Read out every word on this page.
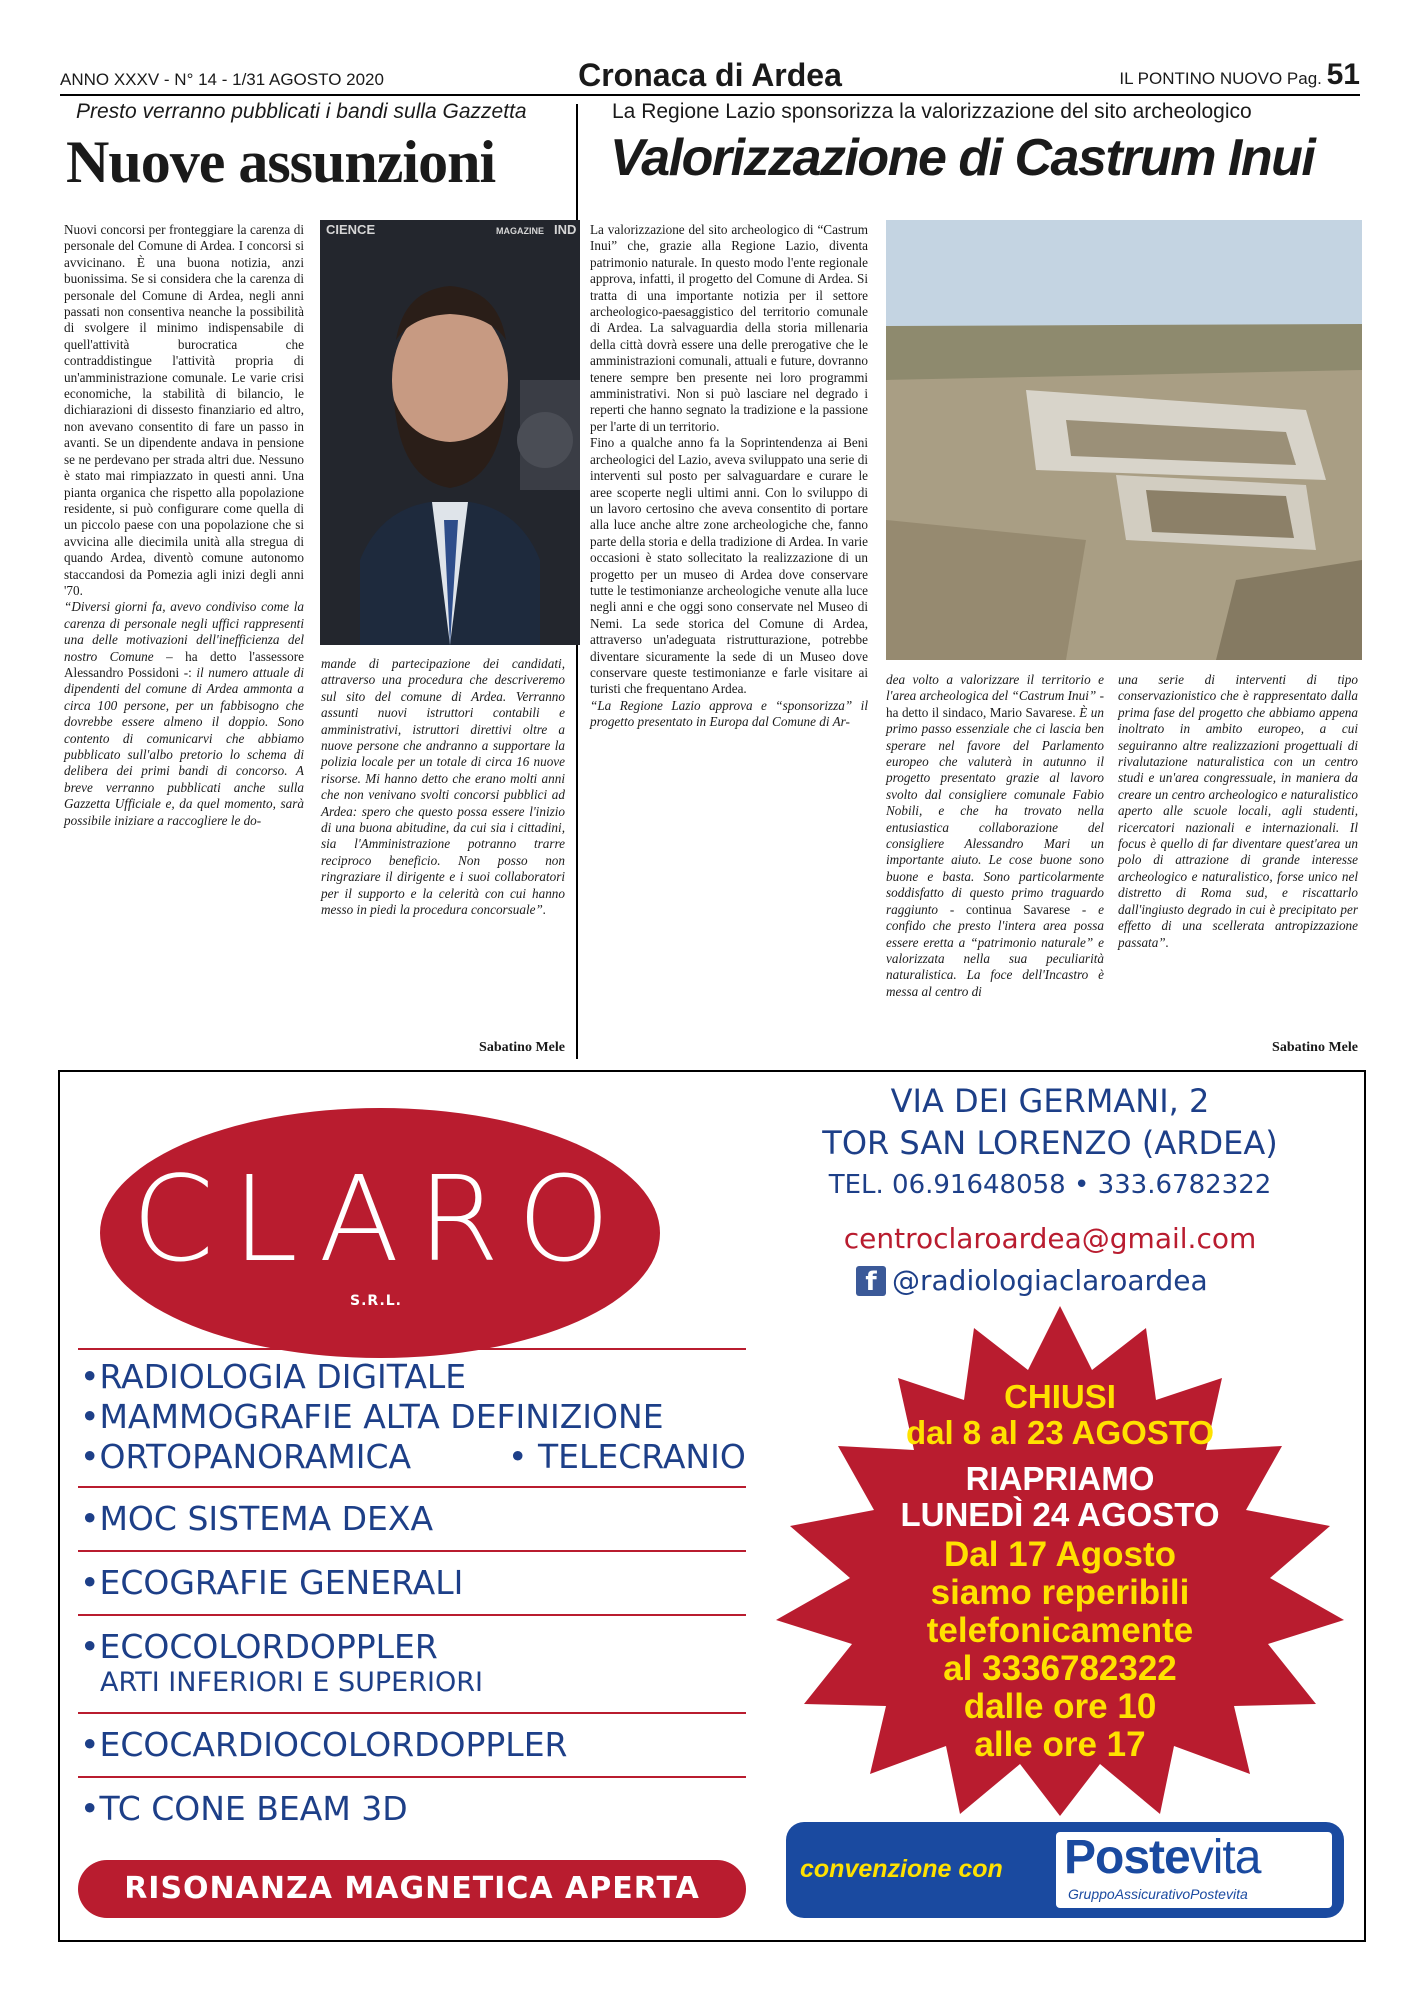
ANNO XXXV - N° 14 - 1/31 AGOSTO 2020	Cronaca di Ardea	IL PONTINO NUOVO Pag. 51
Presto verranno pubblicati i bandi sulla Gazzetta
Nuove assunzioni
La Regione Lazio sponsorizza la valorizzazione del sito archeologico
Valorizzazione di Castrum Inui
CIENCE	MAGAZINE IND

Nuovi concorsi per fronteggiare la carenza di personale del Comune di Ardea. I concorsi si avvicinano. È una buona notizia, anzi buonissima. Se si considera che la carenza di personale del Comune di Ardea, negli anni passati non consentiva neanche la possibilità di svolgere il minimo indispensabile di quell'attività burocratica che contraddistingue l'attività propria di un'amministrazione comunale. Le varie crisi economiche, la stabilità di bilancio, le dichiarazioni di dissesto finanziario ed altro, non avevano consentito di fare un passo in avanti. Se un dipendente andava in pensione se ne perdevano per strada altri due. Nessuno è stato mai rimpiazzato in questi anni. Una pianta organica che rispetto alla popolazione residente, si può configurare come quella di un piccolo paese con una popolazione che si avvicina alle diecimila unità alla stregua di quando Ardea, diventò comune autonomo staccandosi da Pomezia agli inizi degli anni '70.

“Diversi giorni fa, avevo condiviso come la carenza di personale negli uffici rappresenti una delle motivazioni dell'inefficienza del nostro Comune – ha detto l'assessore Alessandro Possidoni -: il numero attuale di dipendenti del comune di Ardea ammonta a circa 100 persone, per un fabbisogno che dovrebbe essere almeno il doppio. Sono contento di comunicarvi che abbiamo pubblicato sull'albo pretorio lo schema di delibera dei primi bandi di concorso. A breve verranno pubblicati anche sulla Gazzetta Ufficiale e, da quel momento, sarà possibile iniziare a raccogliere le do-

mande di partecipazione dei candidati, attraverso una procedura che descriveremo sul sito del comune di Ardea. Verranno assunti nuovi istruttori contabili e amministrativi, istruttori direttivi oltre a nuove persone che andranno a supportare la polizia locale per un totale di circa 16 nuove risorse. Mi hanno detto che erano molti anni che non venivano svolti concorsi pubblici ad Ardea: spero che questo possa essere l'inizio di una buona abitudine, da cui sia i cittadini, sia l'Amministrazione potranno trarre reciproco beneficio. Non posso non ringraziare il dirigente e i suoi collaboratori per il supporto e la celerità con cui hanno messo in piedi la procedura concorsuale”.

Sabatino Mele

La valorizzazione del sito archeologico di “Castrum Inui” che, grazie alla Regione Lazio, diventa patrimonio naturale. In questo modo l'ente regionale approva, infatti, il progetto del Comune di Ardea. Si tratta di una importante notizia per il settore archeologico-paesaggistico del territorio comunale di Ardea. La salvaguardia della storia millenaria della città dovrà essere una delle prerogative che le amministrazioni comunali, attuali e future, dovranno tenere sempre ben presente nei loro programmi amministrativi. Non si può lasciare nel degrado i reperti che hanno segnato la tradizione e la passione per l'arte di un territorio.

Fino a qualche anno fa la Soprintendenza ai Beni archeologici del Lazio, aveva sviluppato una serie di interventi sul posto per salvaguardare e curare le aree scoperte negli ultimi anni. Con lo sviluppo di un lavoro certosino che aveva consentito di portare alla luce anche altre zone archeologiche che, fanno parte della storia e della tradizione di Ardea. In varie occasioni è stato sollecitato la realizzazione di un progetto per un museo di Ardea dove conservare tutte le testimonianze archeologiche venute alla luce negli anni e che oggi sono conservate nel Museo di Nemi. La sede storica del Comune di Ardea, attraverso un'adeguata ristrutturazione, potrebbe diventare sicuramente la sede di un Museo dove conservare queste testimonianze e farle visitare ai turisti che frequentano Ardea.

“La Regione Lazio approva e “sponsorizza” il progetto presentato in Europa dal Comune di Ar-

dea volto a valorizzare il territorio e l'area archeologica del “Castrum Inui” - ha detto il sindaco, Mario Savarese. È un primo passo essenziale che ci lascia ben sperare nel favore del Parlamento europeo che valuterà in autunno il progetto presentato grazie al lavoro svolto dal consigliere comunale Fabio Nobili, e che ha trovato nella entusiastica collaborazione del consigliere Alessandro Mari un importante aiuto. Le cose buone sono buone e basta. Sono particolarmente soddisfatto di questo primo traguardo raggiunto - continua Savarese - e confido che presto l'intera area possa essere eretta a “patrimonio naturale” e valorizzata nella sua peculiarità naturalistica. La foce dell'Incastro è messa al centro di

una serie di interventi di tipo conservazionistico che è rappresentato dalla prima fase del progetto che abbiamo appena inoltrato in ambito europeo, a cui seguiranno altre realizzazioni progettuali di rivalutazione naturalistica con un centro studi e un'area congressuale, in maniera da creare un centro archeologico e naturalistico aperto alle scuole locali, agli studenti, ricercatori nazionali e internazionali. Il focus è quello di far diventare quest'area un polo di attrazione di grande interesse archeologico e naturalistico, forse unico nel distretto di Roma sud, e riscattarlo dall'ingiusto degrado in cui è precipitato per effetto di una scellerata antropizzazione passata”.

Sabatino Mele
CLARO
S.R.L.
VIA DEI GERMANI, 2
TOR SAN LORENZO (ARDEA)
TEL. 06.91648058 • 333.6782322
centroclaroardea@gmail.com
f @radiologiaclaroardea
•RADIOLOGIA DIGITALE
•MAMMOGRAFIE ALTA DEFINIZIONE
•ORTOPANORAMICA	• TELECRANIO
•MOC SISTEMA DEXA
•ECOGRAFIE GENERALI
•ECOCOLORDOPPLER
ARTI INFERIORI E SUPERIORI
•ECOCARDIOCOLORDOPPLER
•TC CONE BEAM 3D
RISONANZA MAGNETICA APERTA
CHIUSI
dal 8 al 23 AGOSTO
RIAPRIAMO
LUNEDÌ 24 AGOSTO
Dal 17 Agosto
siamo reperibili
telefonicamente
al 3336782322
dalle ore 10
alle ore 17
convenzione con Postevita
GruppoAssicurativoPostevita
